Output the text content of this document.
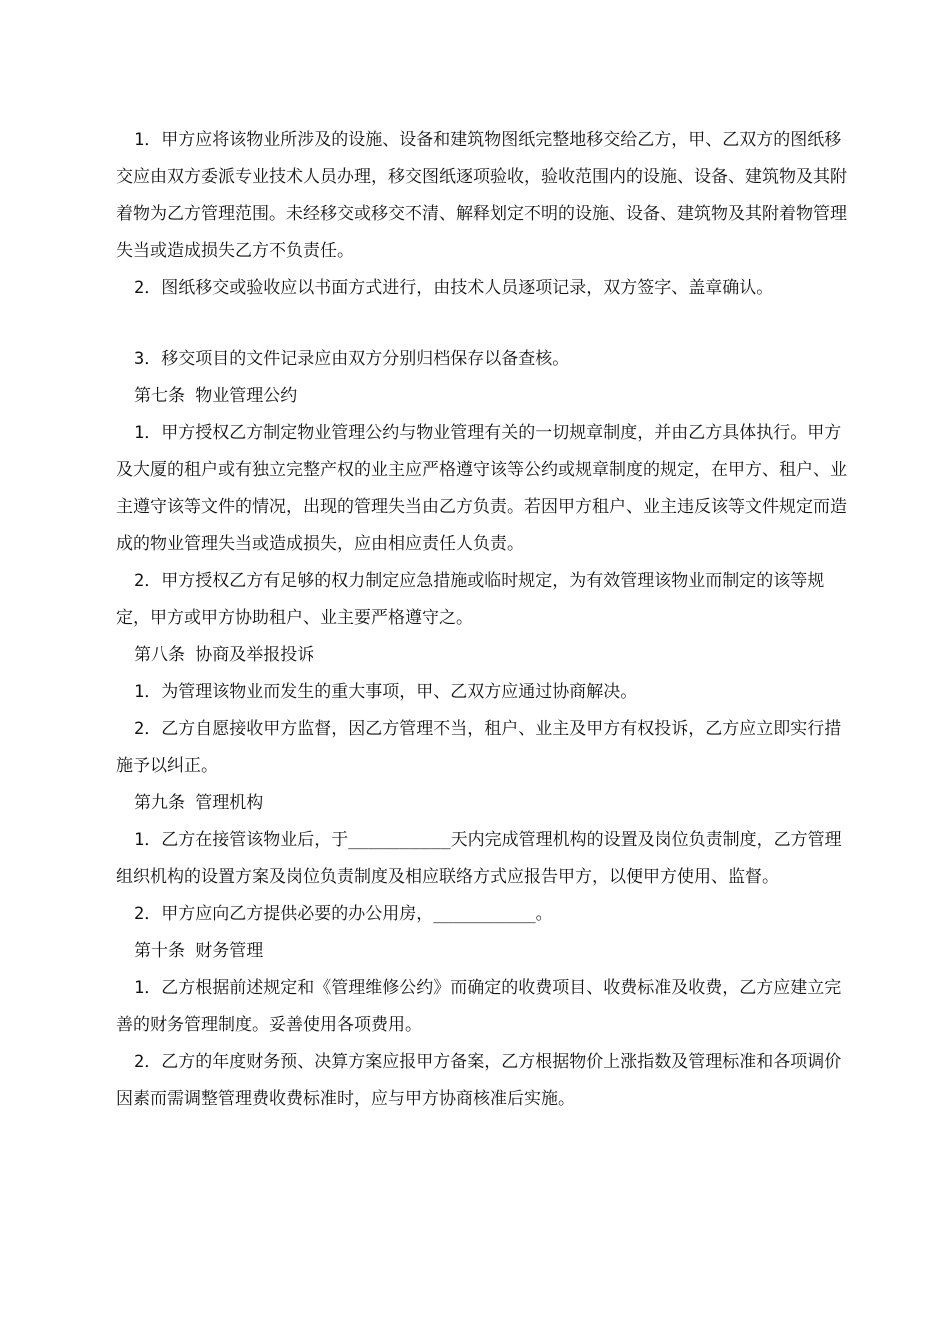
1．甲方应将该物业所涉及的设施、设备和建筑物图纸完整地移交给乙方，甲、乙双方的图纸移交应由双方委派专业技术人员办理，移交图纸逐项验收，验收范围内的设施、设备、建筑物及其附着物为乙方管理范围。未经移交或移交不清、解释划定不明的设施、设备、建筑物及其附着物管理失当或造成损失乙方不负责任。

2．图纸移交或验收应以书面方式进行，由技术人员逐项记录，双方签字、盖章确认。

3．移交项目的文件记录应由双方分别归档保存以备查核。

第七条 物业管理公约

1．甲方授权乙方制定物业管理公约与物业管理有关的一切规章制度，并由乙方具体执行。甲方及大厦的租户或有独立完整产权的业主应严格遵守该等公约或规章制度的规定，在甲方、租户、业主遵守该等文件的情况，出现的管理失当由乙方负责。若因甲方租户、业主违反该等文件规定而造成的物业管理失当或造成损失，应由相应责任人负责。

2．甲方授权乙方有足够的权力制定应急措施或临时规定，为有效管理该物业而制定的该等规定，甲方或甲方协助租户、业主要严格遵守之。

第八条 协商及举报投诉

1．为管理该物业而发生的重大事项，甲、乙双方应通过协商解决。

2．乙方自愿接收甲方监督，因乙方管理不当，租户、业主及甲方有权投诉，乙方应立即实行措施予以纠正。

第九条 管理机构

1．乙方在接管该物业后，于__________天内完成管理机构的设置及岗位负责制度，乙方管理组织机构的设置方案及岗位负责制度及相应联络方式应报告甲方，以便甲方使用、监督。

2．甲方应向乙方提供必要的办公用房，__________。

第十条 财务管理

1．乙方根据前述规定和《管理维修公约》而确定的收费项目、收费标准及收费，乙方应建立完善的财务管理制度。妥善使用各项费用。

2．乙方的年度财务预、决算方案应报甲方备案，乙方根据物价上涨指数及管理标准和各项调价因素而需调整管理费收费标准时，应与甲方协商核准后实施。
